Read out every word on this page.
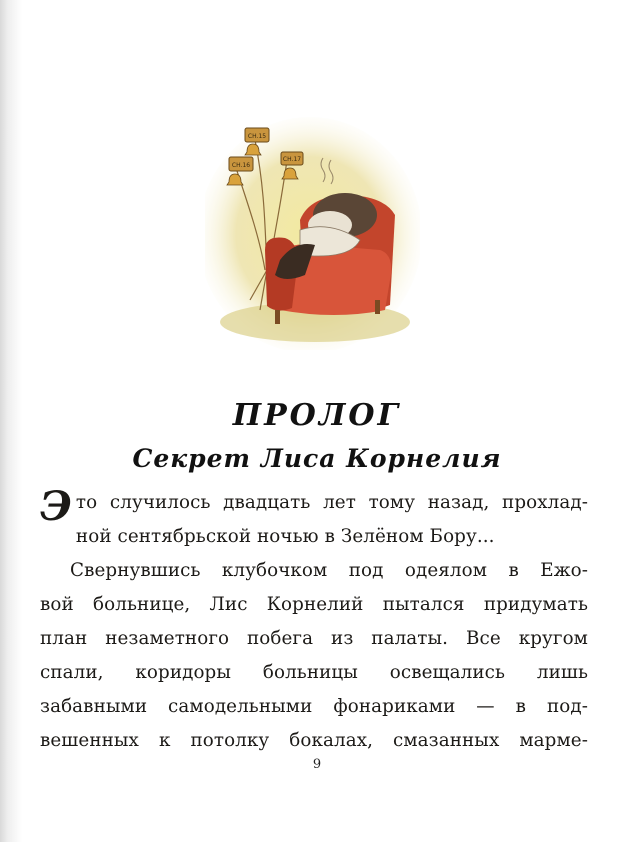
СН.15
СН.16
СН.17
ПРОЛОГ
Секрет Лиса Корнелия
Это случилось двадцать лет тому назад, прохлад-
ной сентябрьской ночью в Зелёном Бору...
Свернувшись клубочком под одеялом в Ежо-
вой больнице, Лис Корнелий пытался придумать
план незаметного побега из палаты. Все кругом
спали, коридоры больницы освещались лишь
забавными самодельными фонариками — в под-
вешенных к потолку бокалах, смазанных марме-
9
